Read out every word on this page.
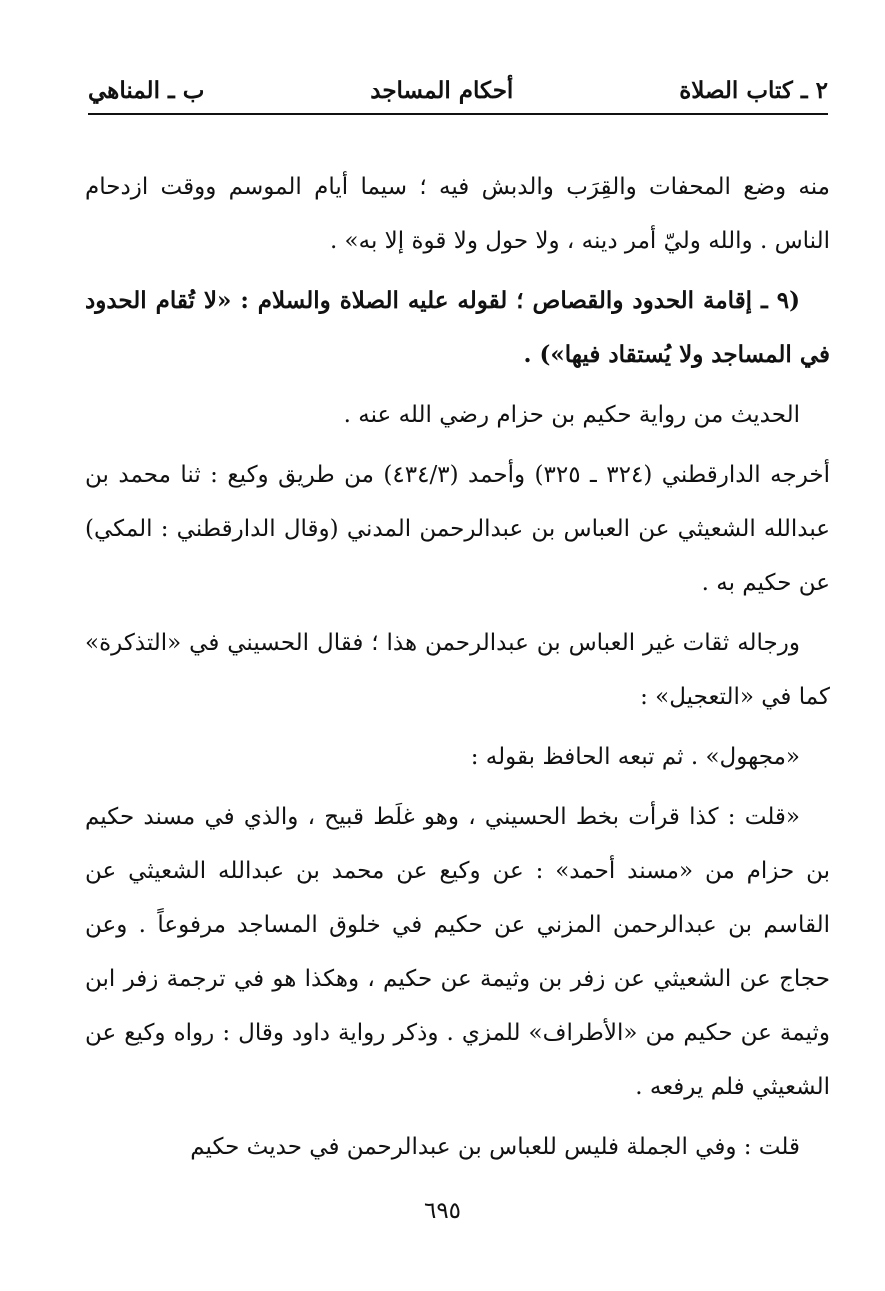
٢ ـ كتاب الصلاة
أحكام المساجد
ب ـ المناهي

منه وضع المحفات والقِرَب والدبش فيه ؛ سيما أيام الموسم ووقت ازدحام الناس . والله وليّ أمر دينه ، ولا حول ولا قوة إلا به» .

(٩ ـ إقامة الحدود والقصاص ؛ لقوله عليه الصلاة والسلام : «لا تُقام الحدود في المساجد ولا يُستقاد فيها») .

الحديث من رواية حكيم بن حزام رضي الله عنه .

أخرجه الدارقطني (٣٢٤ ـ ٣٢٥) وأحمد (٤٣٤/٣) من طريق وكيع : ثنا محمد بن عبدالله الشعيثي عن العباس بن عبدالرحمن المدني (وقال الدارقطني : المكي) عن حكيم به .

ورجاله ثقات غير العباس بن عبدالرحمن هذا ؛ فقال الحسيني في «التذكرة» كما في «التعجيل» :

«مجهول» . ثم تبعه الحافظ بقوله :

«قلت : كذا قرأت بخط الحسيني ، وهو غلَط قبيح ، والذي في مسند حكيم بن حزام من «مسند أحمد» : عن وكيع عن محمد بن عبدالله الشعيثي عن القاسم بن عبدالرحمن المزني عن حكيم في خلوق المساجد مرفوعاً . وعن حجاج عن الشعيثي عن زفر بن وثيمة عن حكيم ، وهكذا هو في ترجمة زفر ابن وثيمة عن حكيم من «الأطراف» للمزي . وذكر رواية داود وقال : رواه وكيع عن الشعيثي فلم يرفعه .

قلت : وفي الجملة فليس للعباس بن عبدالرحمن في حديث حكيم

٦٩٥
